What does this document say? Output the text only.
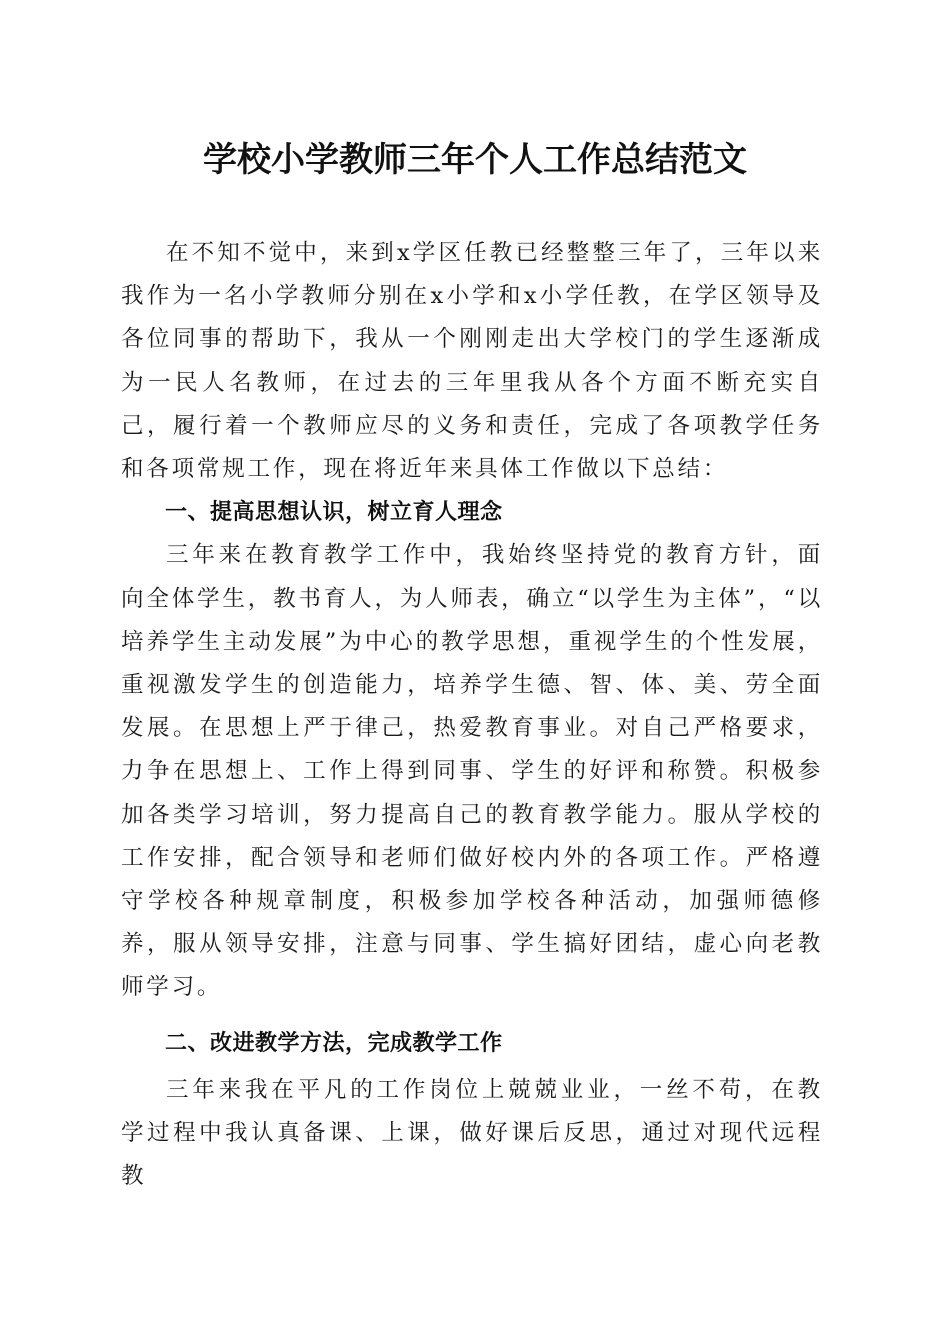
学校小学教师三年个人工作总结范文

在不知不觉中，来到x学区任教已经整整三年了，三年以来我作为一名小学教师分别在x小学和x小学任教，在学区领导及各位同事的帮助下，我从一个刚刚走出大学校门的学生逐渐成为一民人名教师，在过去的三年里我从各个方面不断充实自己，履行着一个教师应尽的义务和责任，完成了各项教学任务和各项常规工作，现在将近年来具体工作做以下总结：

一、提高思想认识，树立育人理念

三年来在教育教学工作中，我始终坚持党的教育方针，面向全体学生，教书育人，为人师表，确立“以学生为主体”，“以培养学生主动发展”为中心的教学思想，重视学生的个性发展，重视激发学生的创造能力，培养学生德、智、体、美、劳全面发展。在思想上严于律己，热爱教育事业。对自己严格要求，力争在思想上、工作上得到同事、学生的好评和称赞。积极参加各类学习培训，努力提高自己的教育教学能力。服从学校的工作安排，配合领导和老师们做好校内外的各项工作。严格遵守学校各种规章制度，积极参加学校各种活动，加强师德修养，服从领导安排，注意与同事、学生搞好团结，虚心向老教师学习。

二、改进教学方法，完成教学工作

三年来我在平凡的工作岗位上兢兢业业，一丝不苟，在教学过程中我认真备课、上课，做好课后反思，通过对现代远程教
